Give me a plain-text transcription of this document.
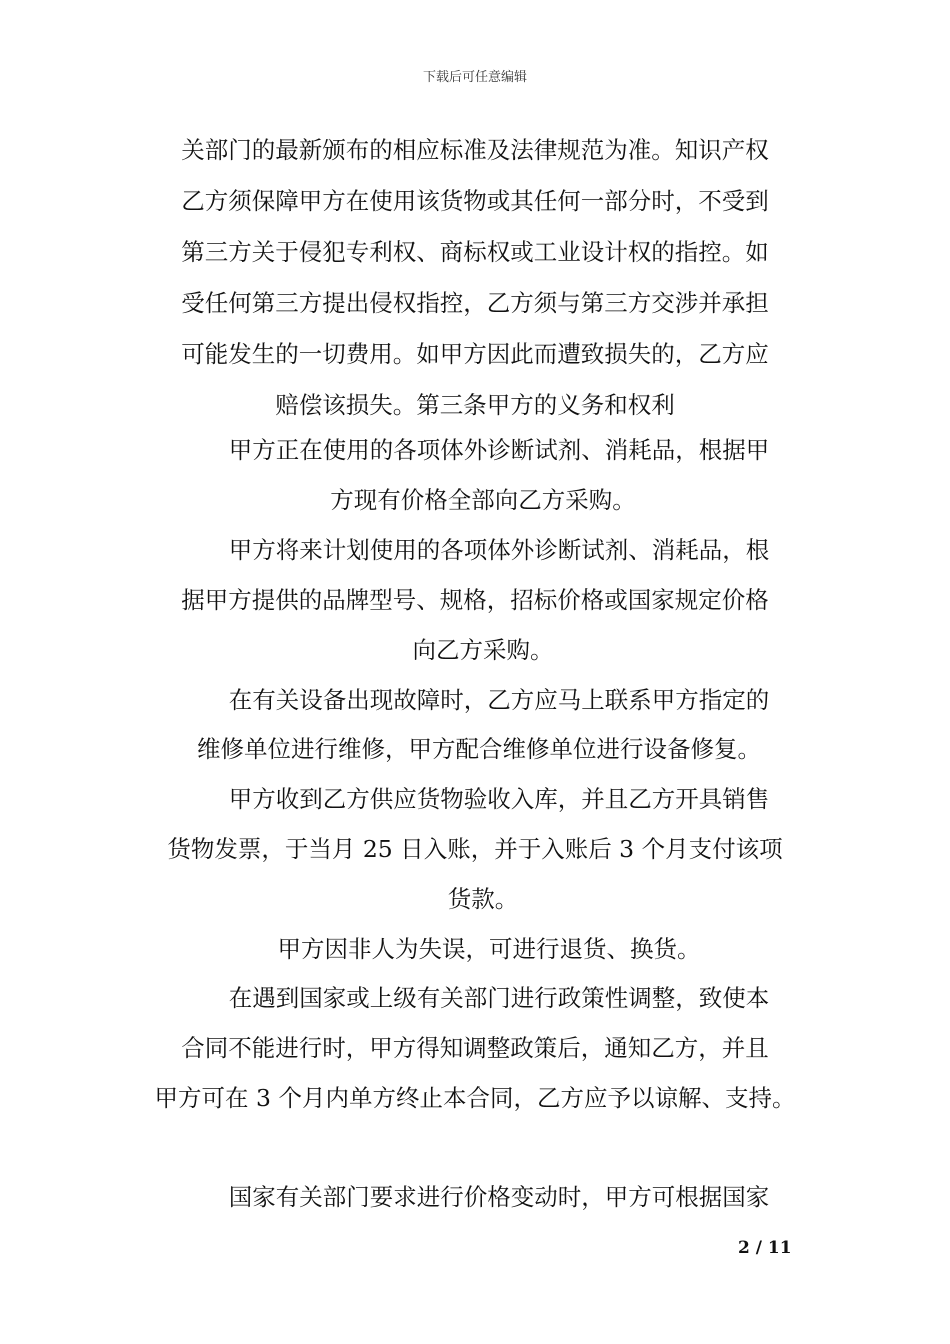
下载后可任意编辑
关部门的最新颁布的相应标准及法律规范为准。知识产权
乙方须保障甲方在使用该货物或其任何一部分时，不受到
第三方关于侵犯专利权、商标权或工业设计权的指控。如
受任何第三方提出侵权指控，乙方须与第三方交涉并承担
可能发生的一切费用。如甲方因此而遭致损失的，乙方应
赔偿该损失。第三条甲方的义务和权利
甲方正在使用的各项体外诊断试剂、消耗品，根据甲
方现有价格全部向乙方采购。
甲方将来计划使用的各项体外诊断试剂、消耗品，根
据甲方提供的品牌型号、规格，招标价格或国家规定价格
向乙方采购。
在有关设备出现故障时，乙方应马上联系甲方指定的
维修单位进行维修，甲方配合维修单位进行设备修复。
甲方收到乙方供应货物验收入库，并且乙方开具销售
货物发票，于当月 25 日入账，并于入账后 3 个月支付该项
货款。
甲方因非人为失误，可进行退货、换货。
在遇到国家或上级有关部门进行政策性调整，致使本
合同不能进行时，甲方得知调整政策后，通知乙方，并且
甲方可在 3 个月内单方终止本合同，乙方应予以谅解、支持。
国家有关部门要求进行价格变动时，甲方可根据国家
2 / 11
